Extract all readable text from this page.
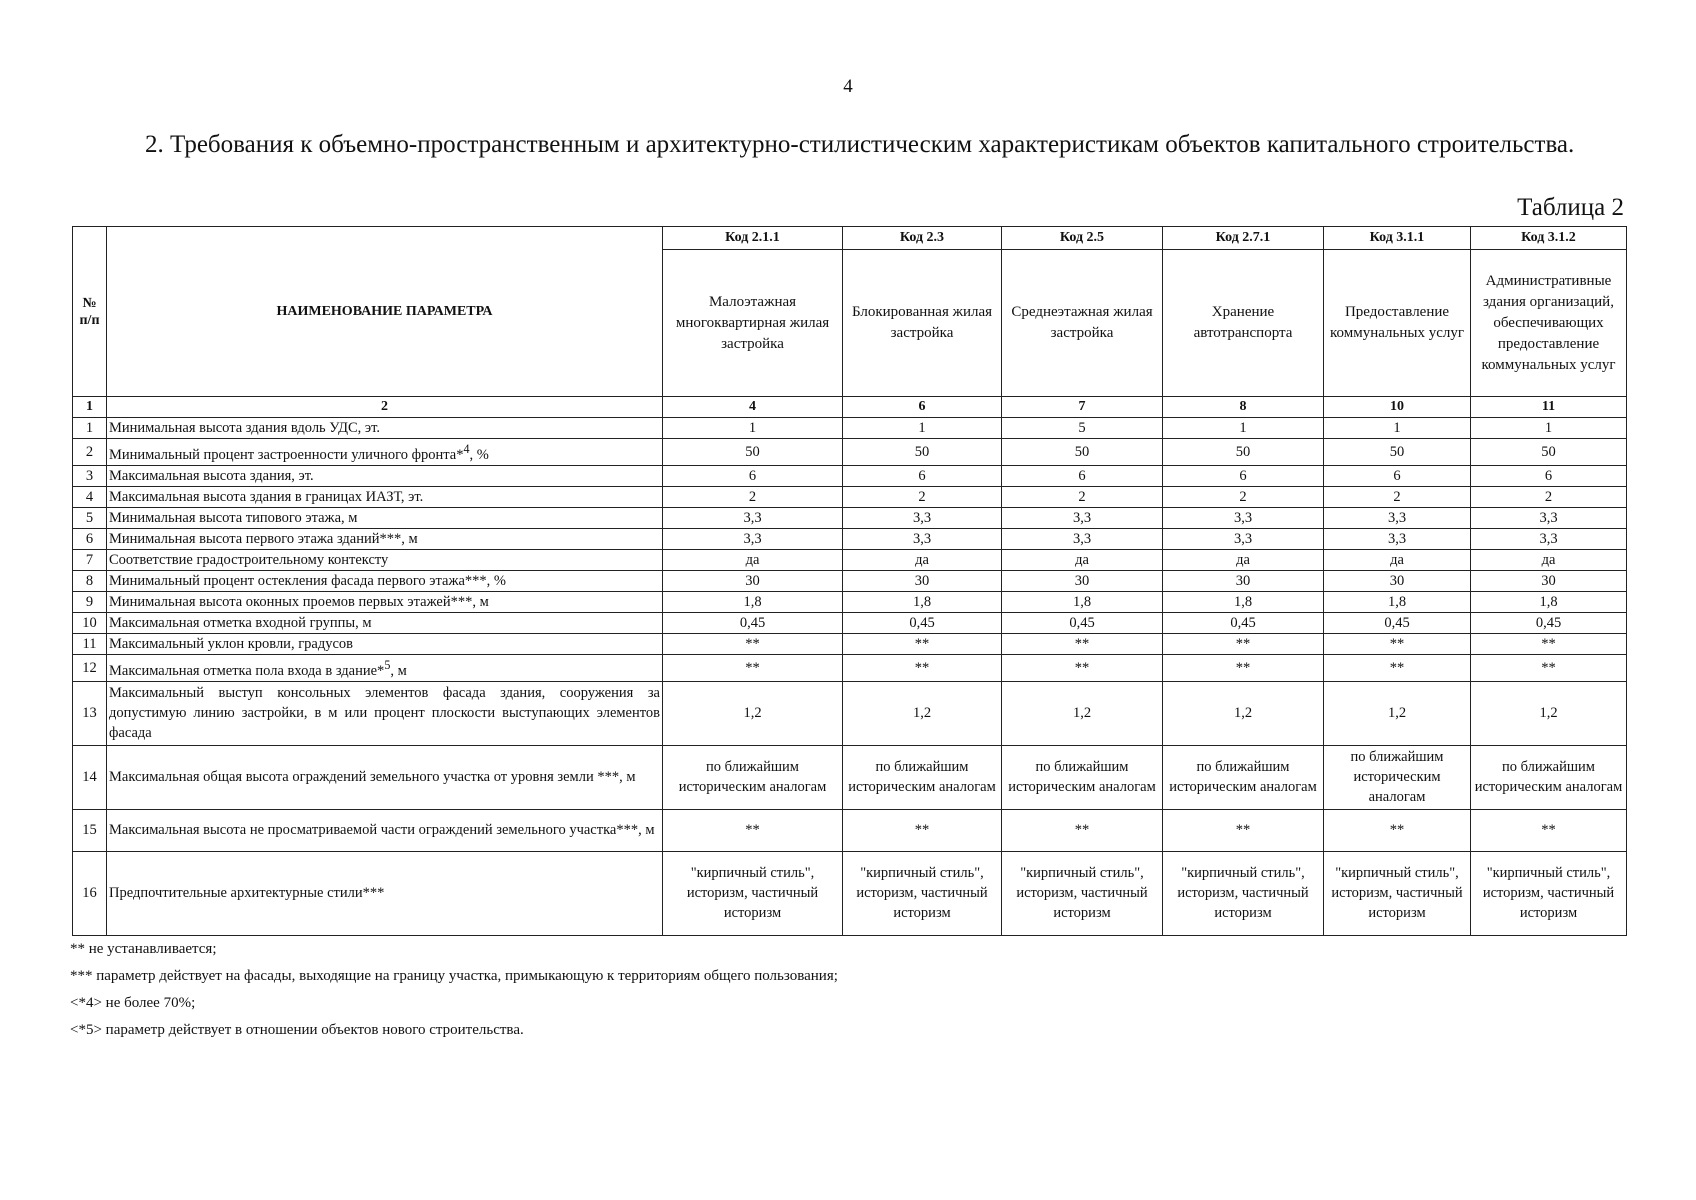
4
2. Требования к объемно-пространственным и архитектурно-стилистическим характеристикам объектов капитального строительства.
Таблица 2
№ п/п	НАИМЕНОВАНИЕ ПАРАМЕТРА	Код 2.1.1	Код 2.3	Код 2.5	Код 2.7.1	Код 3.1.1	Код 3.1.2
		Малоэтажная многоквартирная жилая застройка	Блокированная жилая застройка	Среднеэтажная жилая застройка	Хранение автотранспорта	Предоставление коммунальных услуг	Административные здания организаций, обеспечивающих предоставление коммунальных услуг
1	2	4	6	7	8	10	11
1	Минимальная высота здания вдоль УДС, эт.	1	1	5	1	1	1
2	Минимальный процент застроенности уличного фронта*$^4$, %	50	50	50	50	50	50
3	Максимальная высота здания, эт.	6	6	6	6	6	6
4	Максимальная высота здания в границах ИАЗТ, эт.	2	2	2	2	2	2
5	Минимальная высота типового этажа, м	3,3	3,3	3,3	3,3	3,3	3,3
6	Минимальная высота первого этажа зданий***, м	3,3	3,3	3,3	3,3	3,3	3,3
7	Соответствие градостроительному контексту	да	да	да	да	да	да
8	Минимальный процент остекления фасада первого этажа***, %	30	30	30	30	30	30
9	Минимальная высота оконных проемов первых этажей***, м	1,8	1,8	1,8	1,8	1,8	1,8
10	Максимальная отметка входной группы, м	0,45	0,45	0,45	0,45	0,45	0,45
11	Максимальный уклон кровли, градусов	**	**	**	**	**	**
12	Максимальная отметка пола входа в здание*$^5$, м	**	**	**	**	**	**
13	Максимальный выступ консольных элементов фасада здания, сооружения за допустимую линию застройки, в м или процент плоскости выступающих элементов фасада	1,2	1,2	1,2	1,2	1,2	1,2
14	Максимальная общая высота ограждений земельного участка от уровня земли ***, м	по ближайшим историческим аналогам	по ближайшим историческим аналогам	по ближайшим историческим аналогам	по ближайшим историческим аналогам	по ближайшим историческим аналогам	по ближайшим историческим аналогам
15	Максимальная высота не просматриваемой части ограждений земельного участка***, м	**	**	**	**	**	**
16	Предпочтительные архитектурные стили***	"кирпичный стиль", историзм, частичный историзм	"кирпичный стиль", историзм, частичный историзм	"кирпичный стиль", историзм, частичный историзм	"кирпичный стиль", историзм, частичный историзм	"кирпичный стиль", историзм, частичный историзм	"кирпичный стиль", историзм, частичный историзм
** не устанавливается;
*** параметр действует на фасады, выходящие на границу участка, примыкающую к территориям общего пользования;
<*4> не более 70%;
<*5> параметр действует в отношении объектов нового строительства.
